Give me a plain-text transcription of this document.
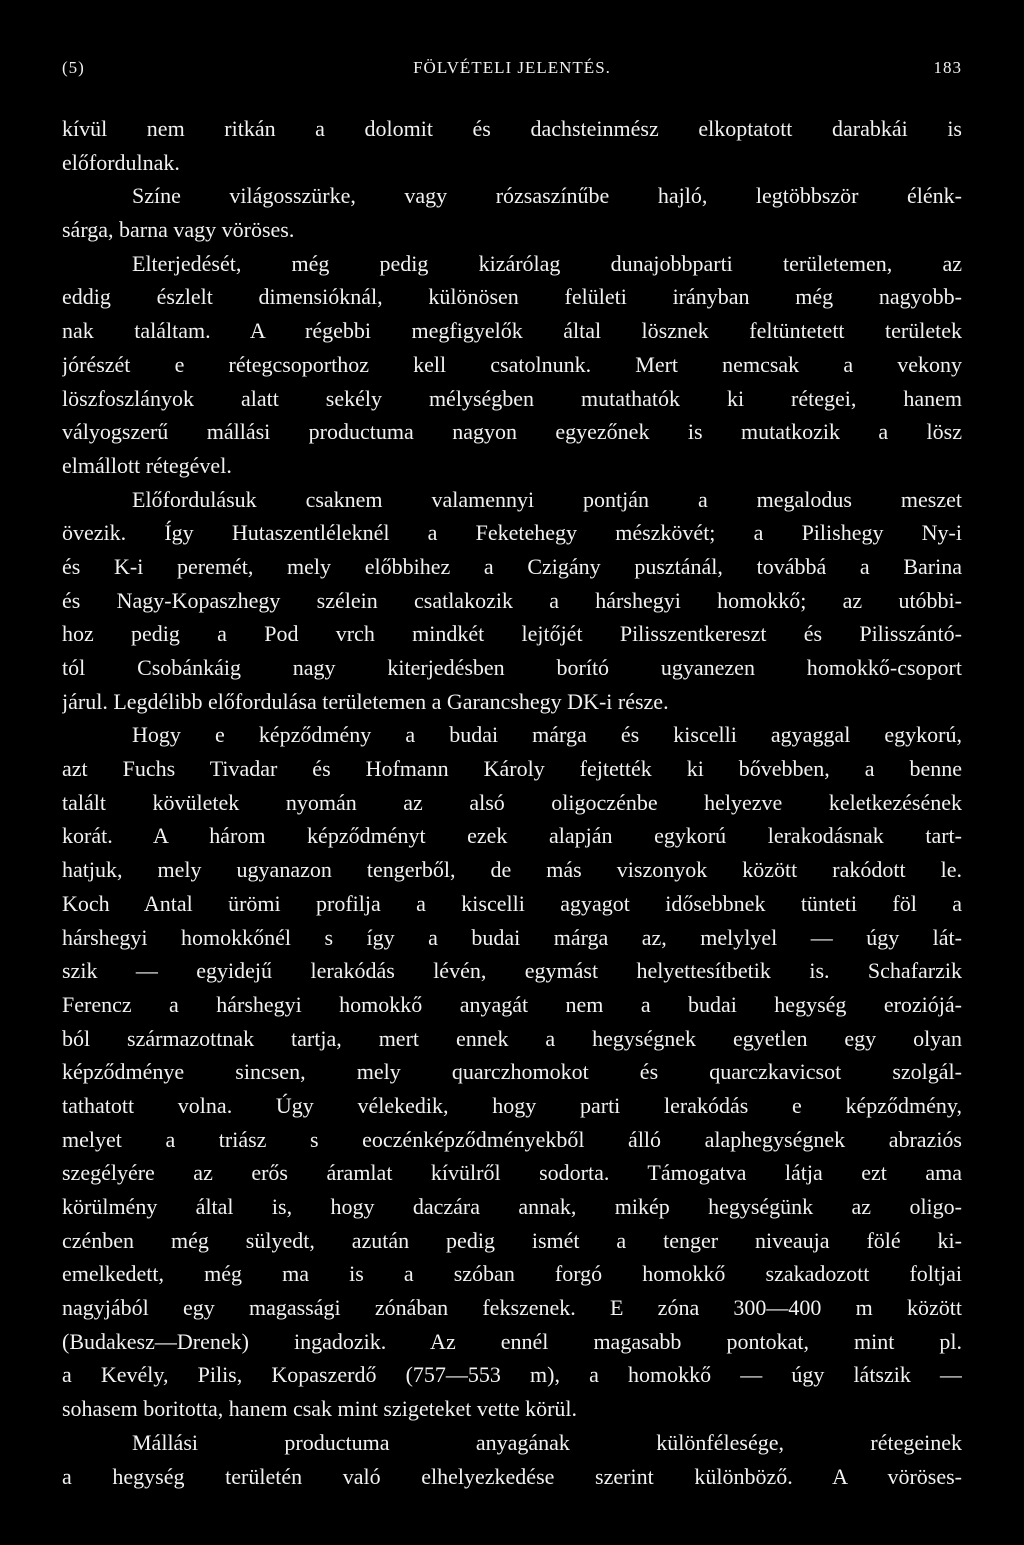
(5)	FÖLVÉTELI JELENTÉS.	183
kívül nem ritkán a dolomit és dachsteinmész elkoptatott darabkái is
előfordulnak.
Színe világosszürke, vagy rózsaszínűbe hajló, legtöbbször élénk-
sárga, barna vagy vöröses.
Elterjedését, még pedig kizárólag dunajobbparti területemen, az
eddig észlelt dimensióknál, különösen felületi irányban még nagyobb-
nak találtam. A régebbi megfigyelők által lösznek feltüntetett területek
jórészét e rétegcsoporthoz kell csatolnunk. Mert nemcsak a vekony
löszfoszlányok alatt sekély mélységben mutathatók ki rétegei, hanem
vályogszerű mállási productuma nagyon egyezőnek is mutatkozik a lösz
elmállott rétegével.
Előfordulásuk csaknem valamennyi pontján a megalodus meszet
övezik. Így Hutaszentléleknél a Feketehegy mészkövét; a Pilishegy Ny-i
és K-i peremét, mely előbbihez a Czigány pusztánál, továbbá a Barina
és Nagy-Kopaszhegy szélein csatlakozik a hárshegyi homokkő; az utóbbi-
hoz pedig a Pod vrch mindkét lejtőjét Pilisszentkereszt és Pilisszántó-
tól Csobánkáig nagy kiterjedésben borító ugyanezen homokkő-csoport
járul. Legdélibb előfordulása területemen a Garancshegy DK-i része.
Hogy e képződmény a budai márga és kiscelli agyaggal egykorú,
azt Fuchs Tivadar és Hofmann Károly fejtették ki bővebben, a benne
talált kövületek nyomán az alsó oligoczénbe helyezve keletkezésének
korát. A három képződményt ezek alapján egykorú lerakodásnak tart-
hatjuk, mely ugyanazon tengerből, de más viszonyok között rakódott le.
Koch Antal ürömi profilja a kiscelli agyagot idősebbnek tünteti föl a
hárshegyi homokkőnél s így a budai márga az, melylyel — úgy lát-
szik — egyidejű lerakódás lévén, egymást helyettesítbetik is. Schafarzik
Ferencz a hárshegyi homokkő anyagát nem a budai hegység eroziójá-
ból származottnak tartja, mert ennek a hegységnek egyetlen egy olyan
képződménye sincsen, mely quarczhomokot és quarczkavicsot szolgál-
tathatott volna. Úgy vélekedik, hogy parti lerakódás e képződmény,
melyet a triász s eoczénképződményekből álló alaphegységnek abraziós
szegélyére az erős áramlat kívülről sodorta. Támogatva látja ezt ama
körülmény által is, hogy daczára annak, mikép hegységünk az oligo-
czénben még sülyedt, azután pedig ismét a tenger niveauja fölé ki-
emelkedett, még ma is a szóban forgó homokkő szakadozott foltjai
nagyjából egy magassági zónában fekszenek. E zóna 300—400 m között
(Budakesz—Drenek) ingadozik. Az ennél magasabb pontokat, mint pl.
a Kevély, Pilis, Kopaszerdő (757—553 m), a homokkő — úgy látszik —
sohasem boritotta, hanem csak mint szigeteket vette körül.
Mállási productuma anyagának különfélesége, rétegeinek
a hegység területén való elhelyezkedése szerint különböző. A vöröses-
